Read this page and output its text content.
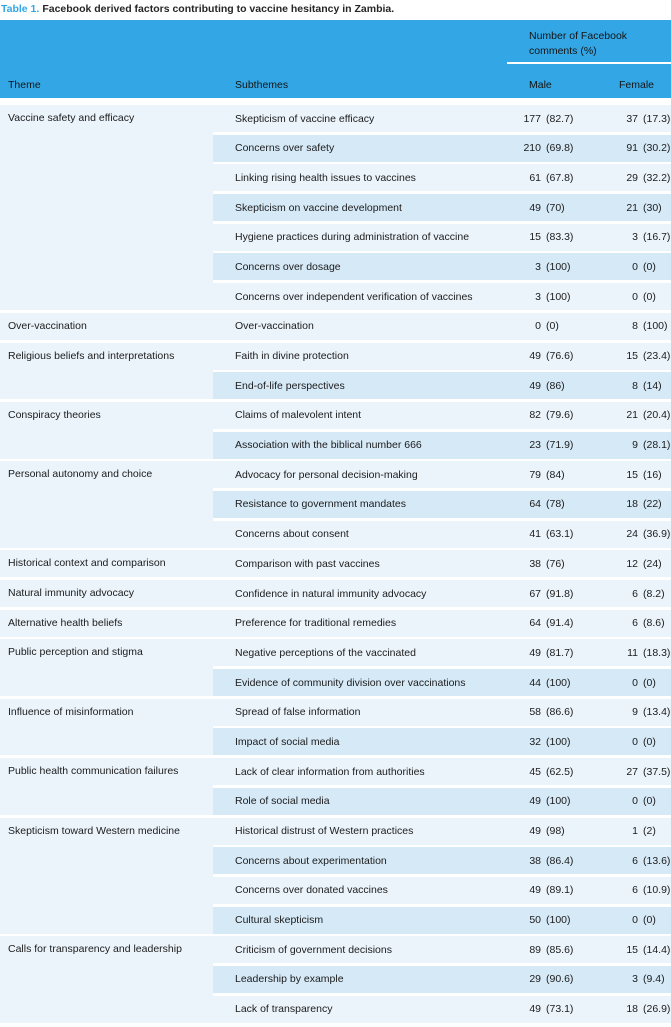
Table 1. Facebook derived factors contributing to vaccine hesitancy in Zambia.
Number of Facebook comments (%)
Theme	Subthemes	Male	Female
Vaccine safety and efficacy	Skepticism of vaccine efficacy	177 (82.7)	37 (17.3)
Concerns over safety	210 (69.8)	91 (30.2)
Linking rising health issues to vaccines	61 (67.8)	29 (32.2)
Skepticism on vaccine development	49 (70)	21 (30)
Hygiene practices during administration of vaccine	15 (83.3)	3 (16.7)
Concerns over dosage	3 (100)	0 (0)
Concerns over independent verification of vaccines	3 (100)	0 (0)
Over-vaccination	Over-vaccination	0 (0)	8 (100)
Religious beliefs and interpretations	Faith in divine protection	49 (76.6)	15 (23.4)
End-of-life perspectives	49 (86)	8 (14)
Conspiracy theories	Claims of malevolent intent	82 (79.6)	21 (20.4)
Association with the biblical number 666	23 (71.9)	9 (28.1)
Personal autonomy and choice	Advocacy for personal decision-making	79 (84)	15 (16)
Resistance to government mandates	64 (78)	18 (22)
Concerns about consent	41 (63.1)	24 (36.9)
Historical context and comparison	Comparison with past vaccines	38 (76)	12 (24)
Natural immunity advocacy	Confidence in natural immunity advocacy	67 (91.8)	6 (8.2)
Alternative health beliefs	Preference for traditional remedies	64 (91.4)	6 (8.6)
Public perception and stigma	Negative perceptions of the vaccinated	49 (81.7)	11 (18.3)
Evidence of community division over vaccinations	44 (100)	0 (0)
Influence of misinformation	Spread of false information	58 (86.6)	9 (13.4)
Impact of social media	32 (100)	0 (0)
Public health communication failures	Lack of clear information from authorities	45 (62.5)	27 (37.5)
Role of social media	49 (100)	0 (0)
Skepticism toward Western medicine	Historical distrust of Western practices	49 (98)	1 (2)
Concerns about experimentation	38 (86.4)	6 (13.6)
Concerns over donated vaccines	49 (89.1)	6 (10.9)
Cultural skepticism	50 (100)	0 (0)
Calls for transparency and leadership	Criticism of government decisions	89 (85.6)	15 (14.4)
Leadership by example	29 (90.6)	3 (9.4)
Lack of transparency	49 (73.1)	18 (26.9)
